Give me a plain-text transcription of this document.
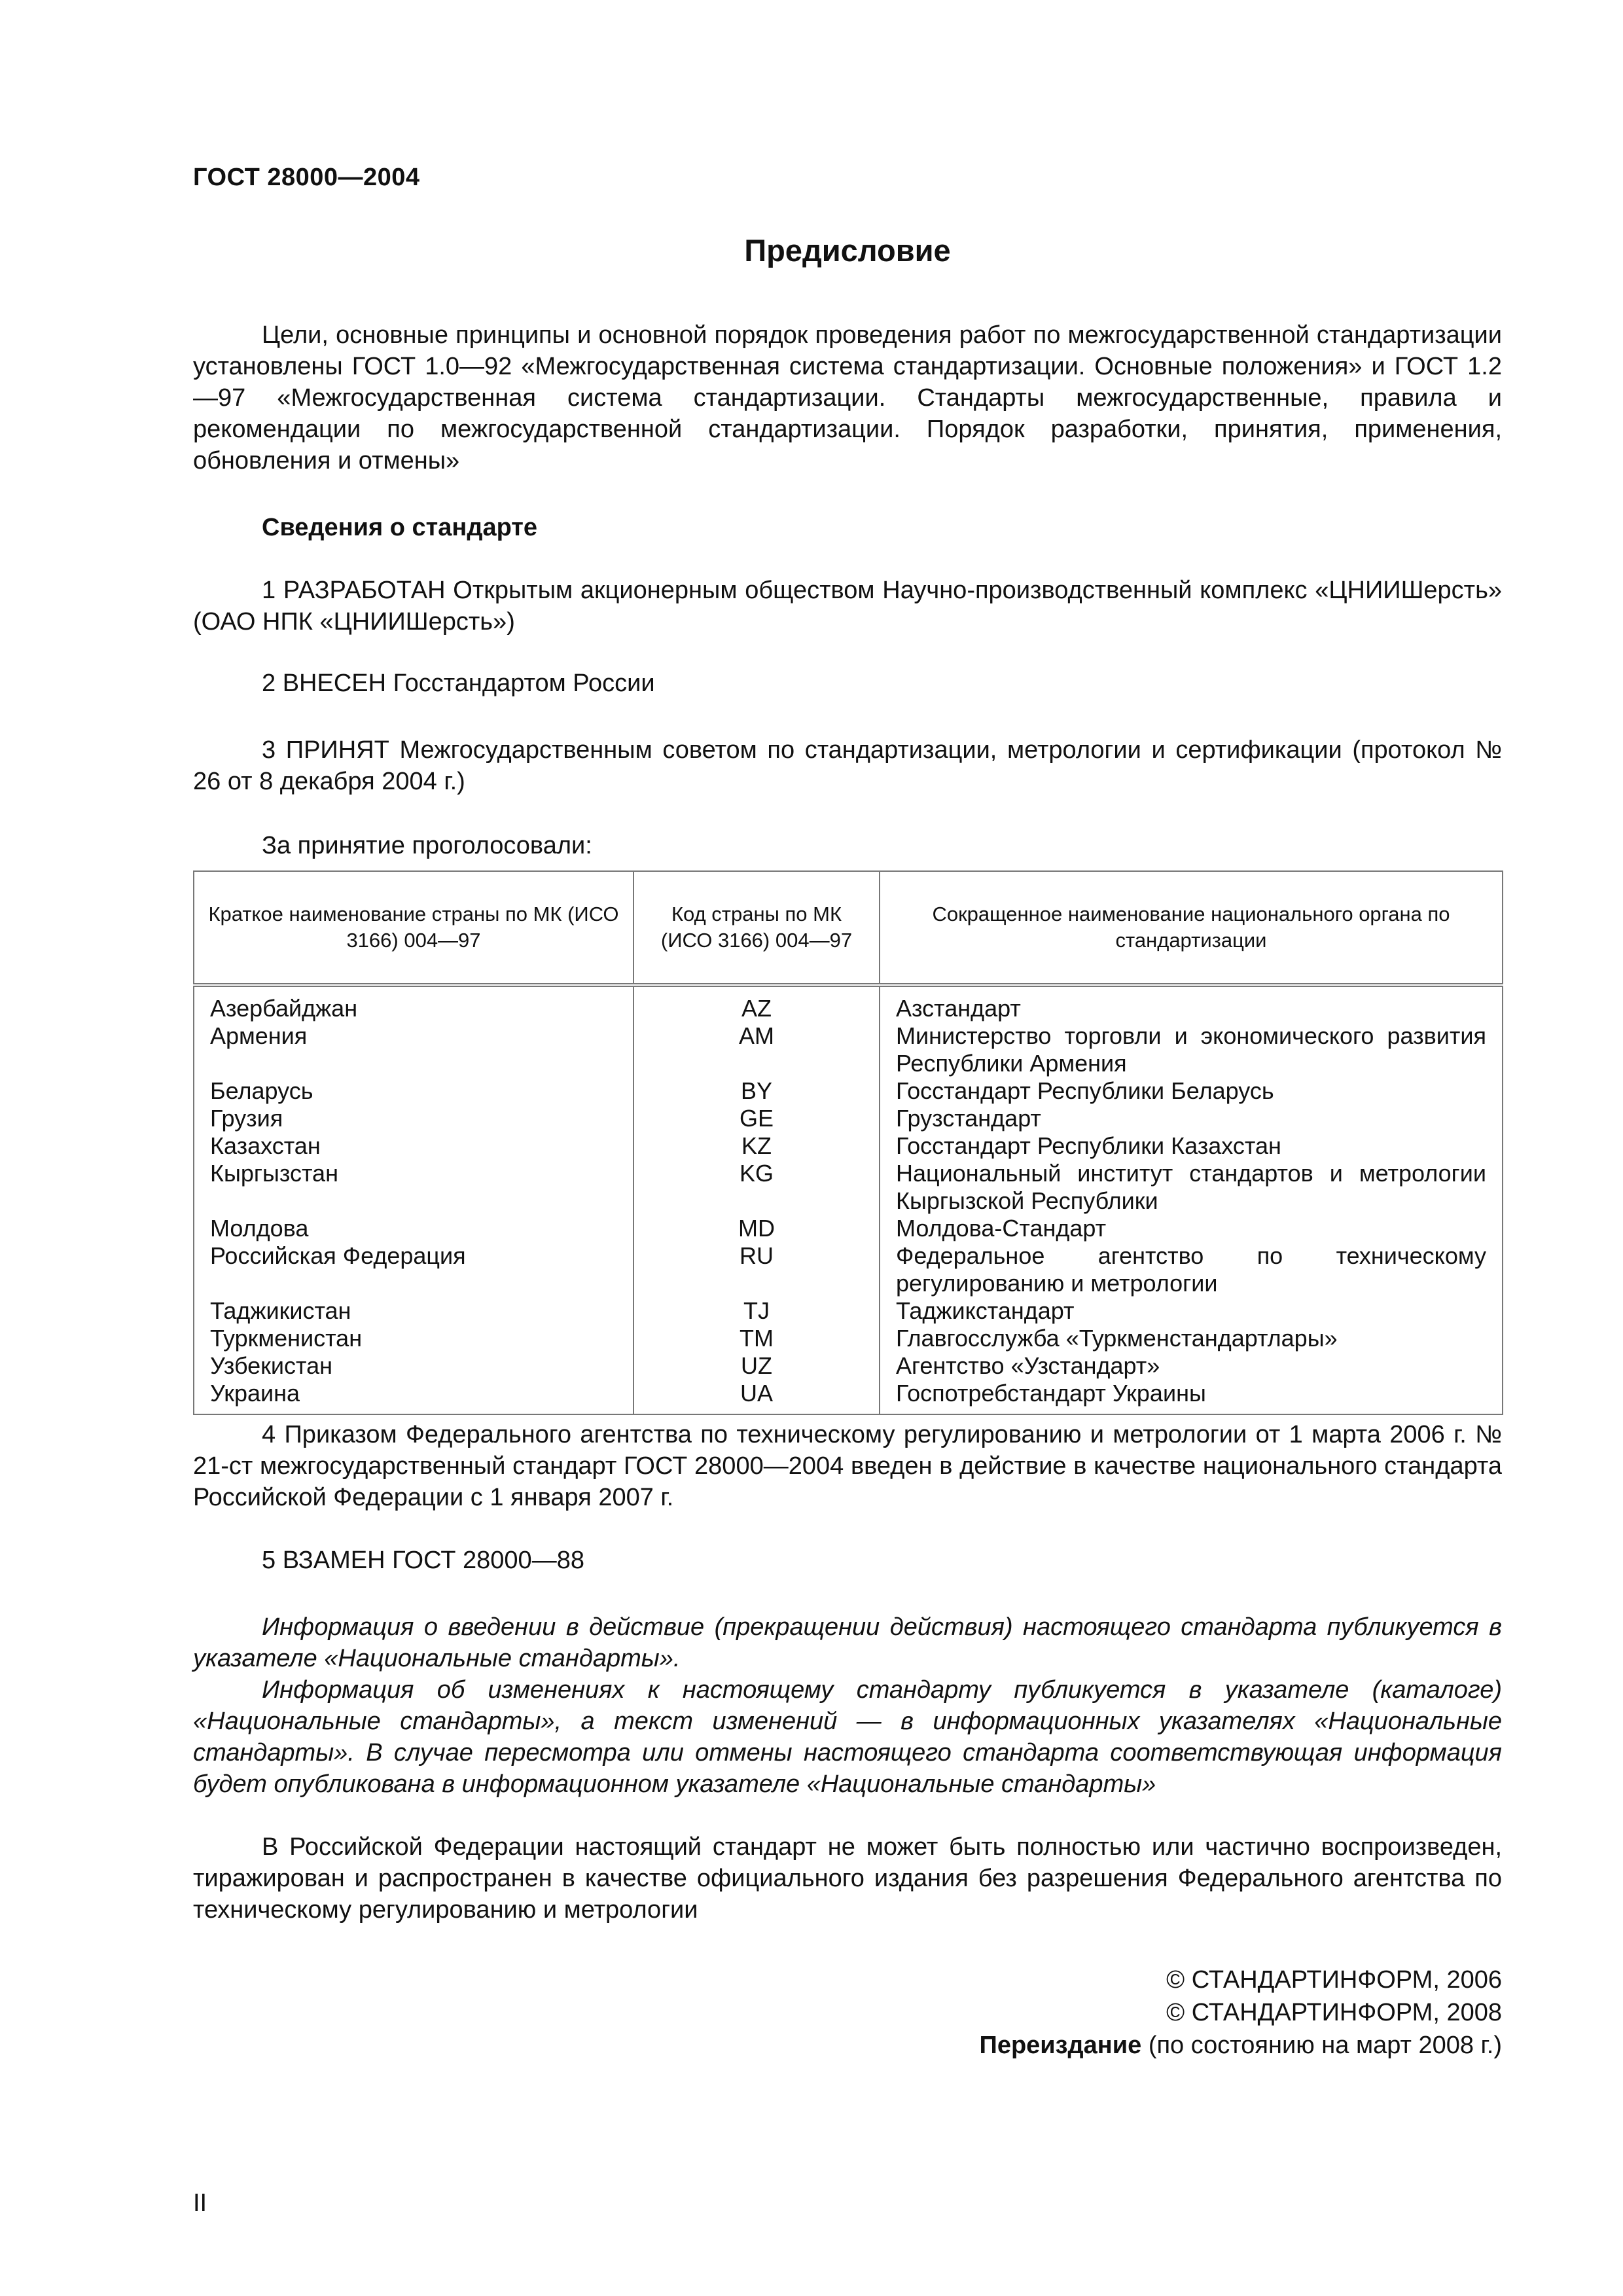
ГОСТ 28000—2004
Предисловие

Цели, основные принципы и основной порядок проведения работ по межгосударственной стандартизации установлены ГОСТ 1.0—92 «Межгосударственная система стандартизации. Основные положения» и ГОСТ 1.2—97 «Межгосударственная система стандартизации. Стандарты межгосударственные, правила и рекомендации по межгосударственной стандартизации. Порядок разработки, принятия, применения, обновления и отмены»

Сведения о стандарте

1 РАЗРАБОТАН Открытым акционерным обществом Научно-производственный комплекс «ЦНИИШерсть» (ОАО НПК «ЦНИИШерсть»)

2 ВНЕСЕН Госстандартом России

3 ПРИНЯТ Межгосударственным советом по стандартизации, метрологии и сертификации (протокол № 26 от 8 декабря 2004 г.)

За принятие проголосовали:

Краткое наименование страны по МК (ИСО 3166) 004—97	Код страны по МК (ИСО 3166) 004—97	Сокращенное наименование национального органа по стандартизации
Азербайджан	AZ	Азстандарт
Армения	AM	Министерство торговли и экономического развития Республики Армения
Беларусь	BY	Госстандарт Республики Беларусь
Грузия	GE	Грузстандарт
Казахстан	KZ	Госстандарт Республики Казахстан
Кыргызстан	KG	Национальный институт стандартов и метрологии Кыргызской Республики
Молдова	MD	Молдова-Стандарт
Российская Федерация	RU	Федеральное агентство по техническому регулированию и метрологии
Таджикистан	TJ	Таджикстандарт
Туркменистан	TM	Главгосслужба «Туркменстандартлары»
Узбекистан	UZ	Агентство «Узстандарт»
Украина	UA	Госпотребстандарт Украины

4 Приказом Федерального агентства по техническому регулированию и метрологии от 1 марта 2006 г. № 21-ст межгосударственный стандарт ГОСТ 28000—2004 введен в действие в качестве национального стандарта Российской Федерации с 1 января 2007 г.

5 ВЗАМЕН ГОСТ 28000—88

Информация о введении в действие (прекращении действия) настоящего стандарта публикуется в указателе «Национальные стандарты».

Информация об изменениях к настоящему стандарту публикуется в указателе (каталоге) «Национальные стандарты», а текст изменений — в информационных указателях «Национальные стандарты». В случае пересмотра или отмены настоящего стандарта соответствующая информация будет опубликована в информационном указателе «Национальные стандарты»

В Российской Федерации настоящий стандарт не может быть полностью или частично воспроизведен, тиражирован и распространен в качестве официального издания без разрешения Федерального агентства по техническому регулированию и метрологии

© СТАНДАРТИНФОРМ, 2006
© СТАНДАРТИНФОРМ, 2008
Переиздание (по состоянию на март 2008 г.)
II
